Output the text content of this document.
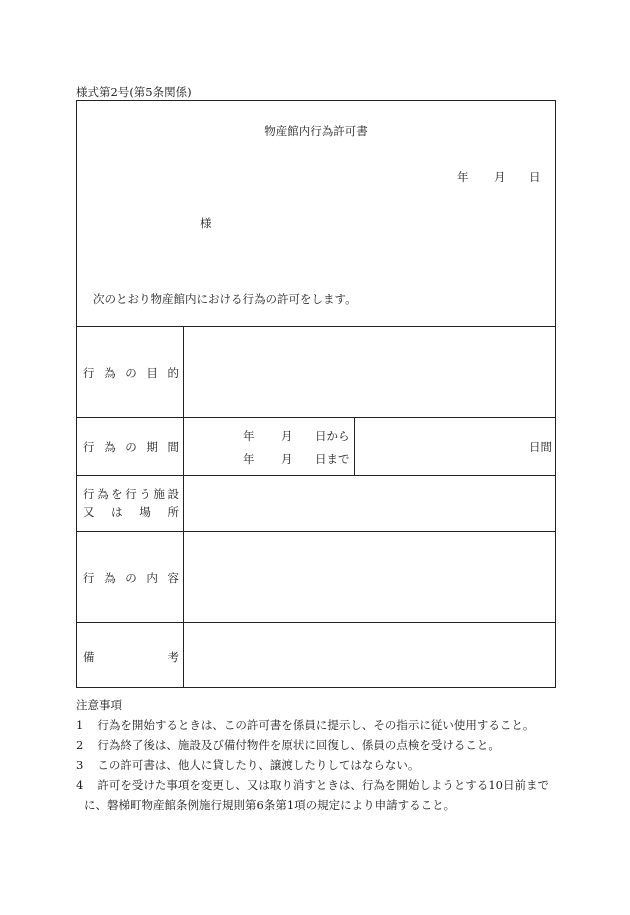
様式第2号(第5条関係)
物産館内行為許可書
年 月 日
様
次のとおり物産館内における行為の許可をします。
行 為 の 目 的
行 為 の 期 間
年 月 日から
年 月 日まで
日間
行 為 を 行 う 施 設
又 は 場 所
行 為 の 内 容
備	考
注意事項
1 行為を開始するときは、この許可書を係員に提示し、その指示に従い使用すること。
2 行為終了後は、施設及び備付物件を原状に回復し、係員の点検を受けること。
3 この許可書は、他人に貸したり、譲渡したりしてはならない。
4 許可を受けた事項を変更し、又は取り消すときは、行為を開始しようとする10日前まで
に、磐梯町物産館条例施行規則第6条第1項の規定により申請すること。
